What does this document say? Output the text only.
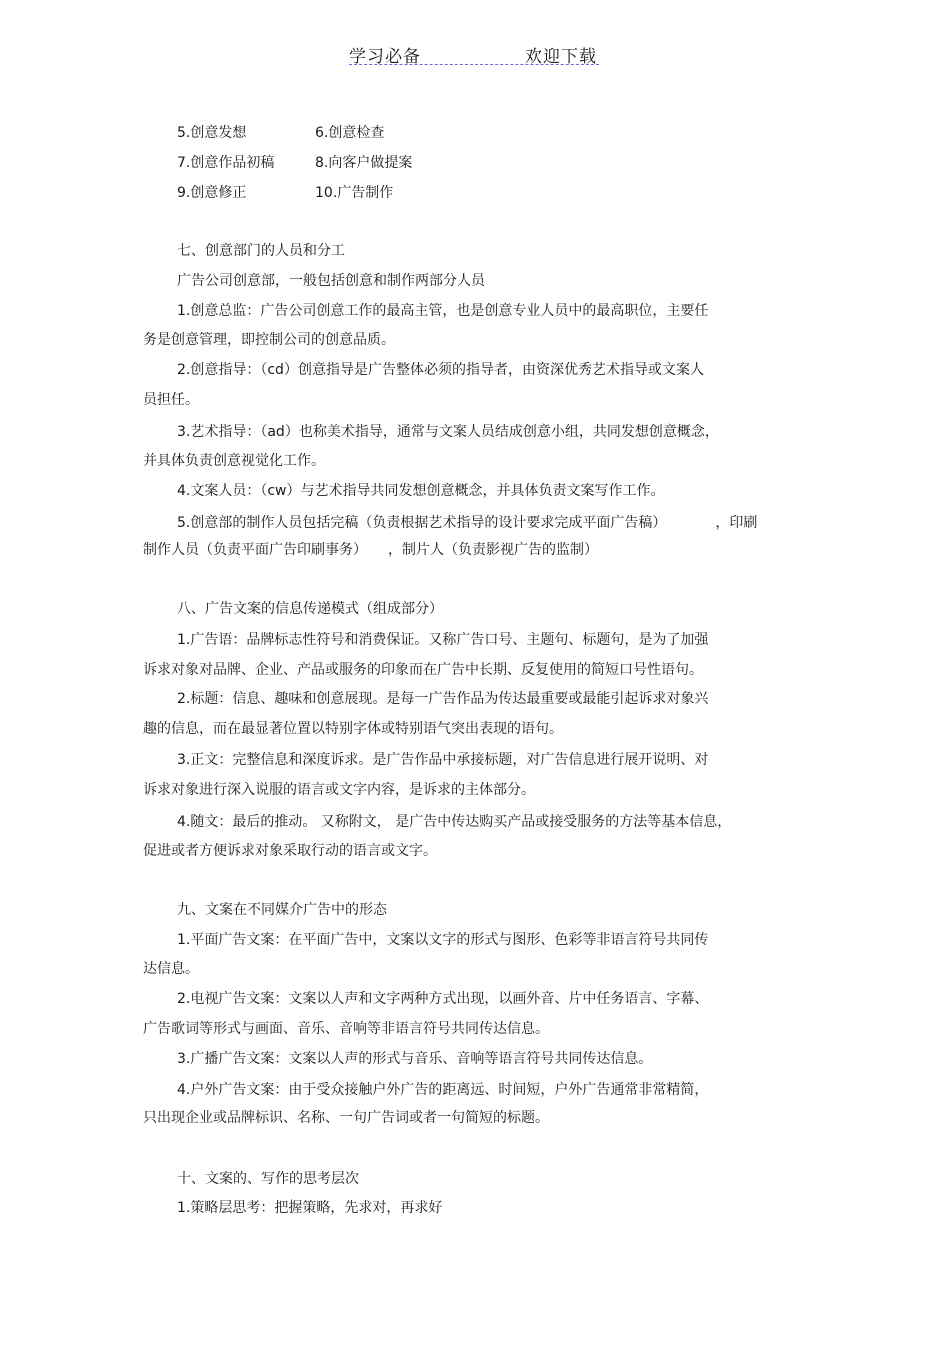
学习必备	欢迎下载
5.创意发想	6.创意检查
7.创意作品初稿	8.向客户做提案
9.创意修正	10.广告制作
七、创意部门的人员和分工
广告公司创意部，一般包括创意和制作两部分人员
1.创意总监：广告公司创意工作的最高主管，也是创意专业人员中的最高职位，主要任
务是创意管理，即控制公司的创意品质。
2.创意指导：（cd）创意指导是广告整体必须的指导者，由资深优秀艺术指导或文案人
员担任。
3.艺术指导：（ad）也称美术指导，通常与文案人员结成创意小组，共同发想创意概念，
并具体负责创意视觉化工作。
4.文案人员：（cw）与艺术指导共同发想创意概念，并具体负责文案写作工作。
5.创意部的制作人员包括完稿（负责根据艺术指导的设计要求完成平面广告稿）　　　　，印刷
制作人员（负责平面广告印刷事务）　　，制片人（负责影视广告的监制）
八、广告文案的信息传递模式（组成部分）
1.广告语：品牌标志性符号和消费保证。又称广告口号、主题句、标题句，是为了加强
诉求对象对品牌、企业、产品或服务的印象而在广告中长期、反复使用的简短口号性语句。
2.标题：信息、趣味和创意展现。是每一广告作品为传达最重要或最能引起诉求对象兴
趣的信息，而在最显著位置以特别字体或特别语气突出表现的语句。
3.正文：完整信息和深度诉求。是广告作品中承接标题，对广告信息进行展开说明、对
诉求对象进行深入说服的语言或文字内容，是诉求的主体部分。
4.随文：最后的推动。 又称附文， 是广告中传达购买产品或接受服务的方法等基本信息，
促进或者方便诉求对象采取行动的语言或文字。
九、文案在不同媒介广告中的形态
1.平面广告文案：在平面广告中，文案以文字的形式与图形、色彩等非语言符号共同传
达信息。
2.电视广告文案：文案以人声和文字两种方式出现，以画外音、片中任务语言、字幕、
广告歌词等形式与画面、音乐、音响等非语言符号共同传达信息。
3.广播广告文案：文案以人声的形式与音乐、音响等语言符号共同传达信息。
4.户外广告文案：由于受众接触户外广告的距离远、时间短，户外广告通常非常精简，
只出现企业或品牌标识、名称、一句广告词或者一句简短的标题。
十、文案的、写作的思考层次
1.策略层思考：把握策略，先求对，再求好
